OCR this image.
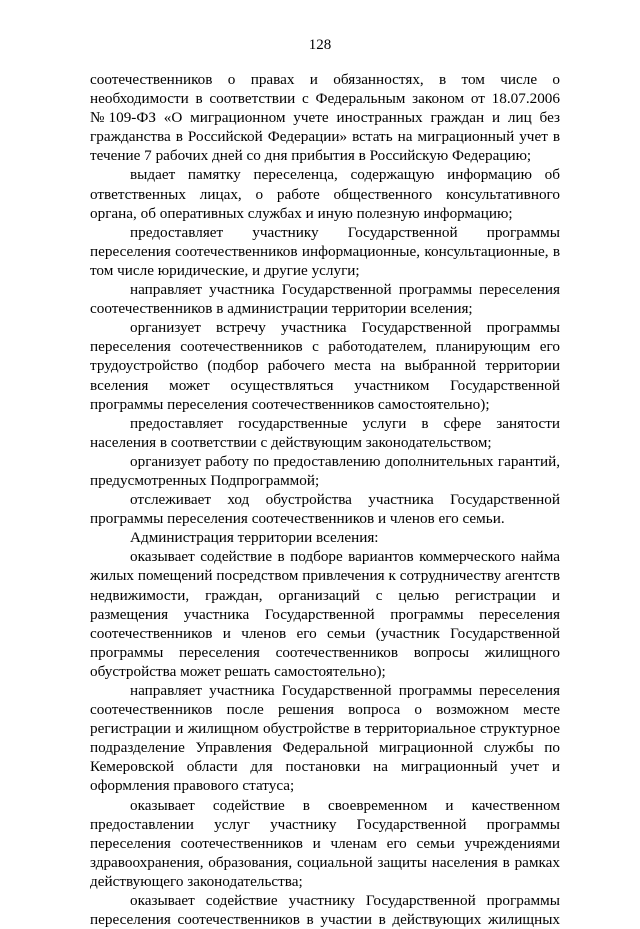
128

соотечественников о правах и обязанностях, в том числе о необходимости в соответствии с Федеральным законом от 18.07.2006 №109-ФЗ «О миграционном учете иностранных граждан и лиц без гражданства в Российской Федерации» встать на миграционный учет в течение 7 рабочих дней со дня прибытия в Российскую Федерацию;

выдает памятку переселенца, содержащую информацию об ответственных лицах, о работе общественного консультативного органа, об оперативных службах и иную полезную информацию;

предоставляет участнику Государственной программы переселения соотечественников информационные, консультационные, в том числе юридические, и другие услуги;

направляет участника Государственной программы переселения соотечественников в администрации территории вселения;

организует встречу участника Государственной программы переселения соотечественников с работодателем, планирующим его трудоустройство (подбор рабочего места на выбранной территории вселения может осуществляться участником Государственной программы переселения соотечественников самостоятельно);

предоставляет государственные услуги в сфере занятости населения в соответствии с действующим законодательством;

организует работу по предоставлению дополнительных гарантий, предусмотренных Подпрограммой;

отслеживает ход обустройства участника Государственной программы переселения соотечественников и членов его семьи.

Администрация территории вселения:

оказывает содействие в подборе вариантов коммерческого найма жилых помещений посредством привлечения к сотрудничеству агентств недвижимости, граждан, организаций с целью регистрации и размещения участника Государственной программы переселения соотечественников и членов его семьи (участник Государственной программы переселения соотечественников вопросы жилищного обустройства может решать самостоятельно);

направляет участника Государственной программы переселения соотечественников после решения вопроса о возможном месте регистрации и жилищном обустройстве в территориальное структурное подразделение Управления Федеральной миграционной службы по Кемеровской области для постановки на миграционный учет и оформления правового статуса;

оказывает содействие в своевременном и качественном предоставлении услуг участнику Государственной программы переселения соотечественников и членам его семьи учреждениями здравоохранения, образования, социальной защиты населения в рамках действующего законодательства;

оказывает содействие участнику Государственной программы переселения соотечественников в участии в действующих жилищных
